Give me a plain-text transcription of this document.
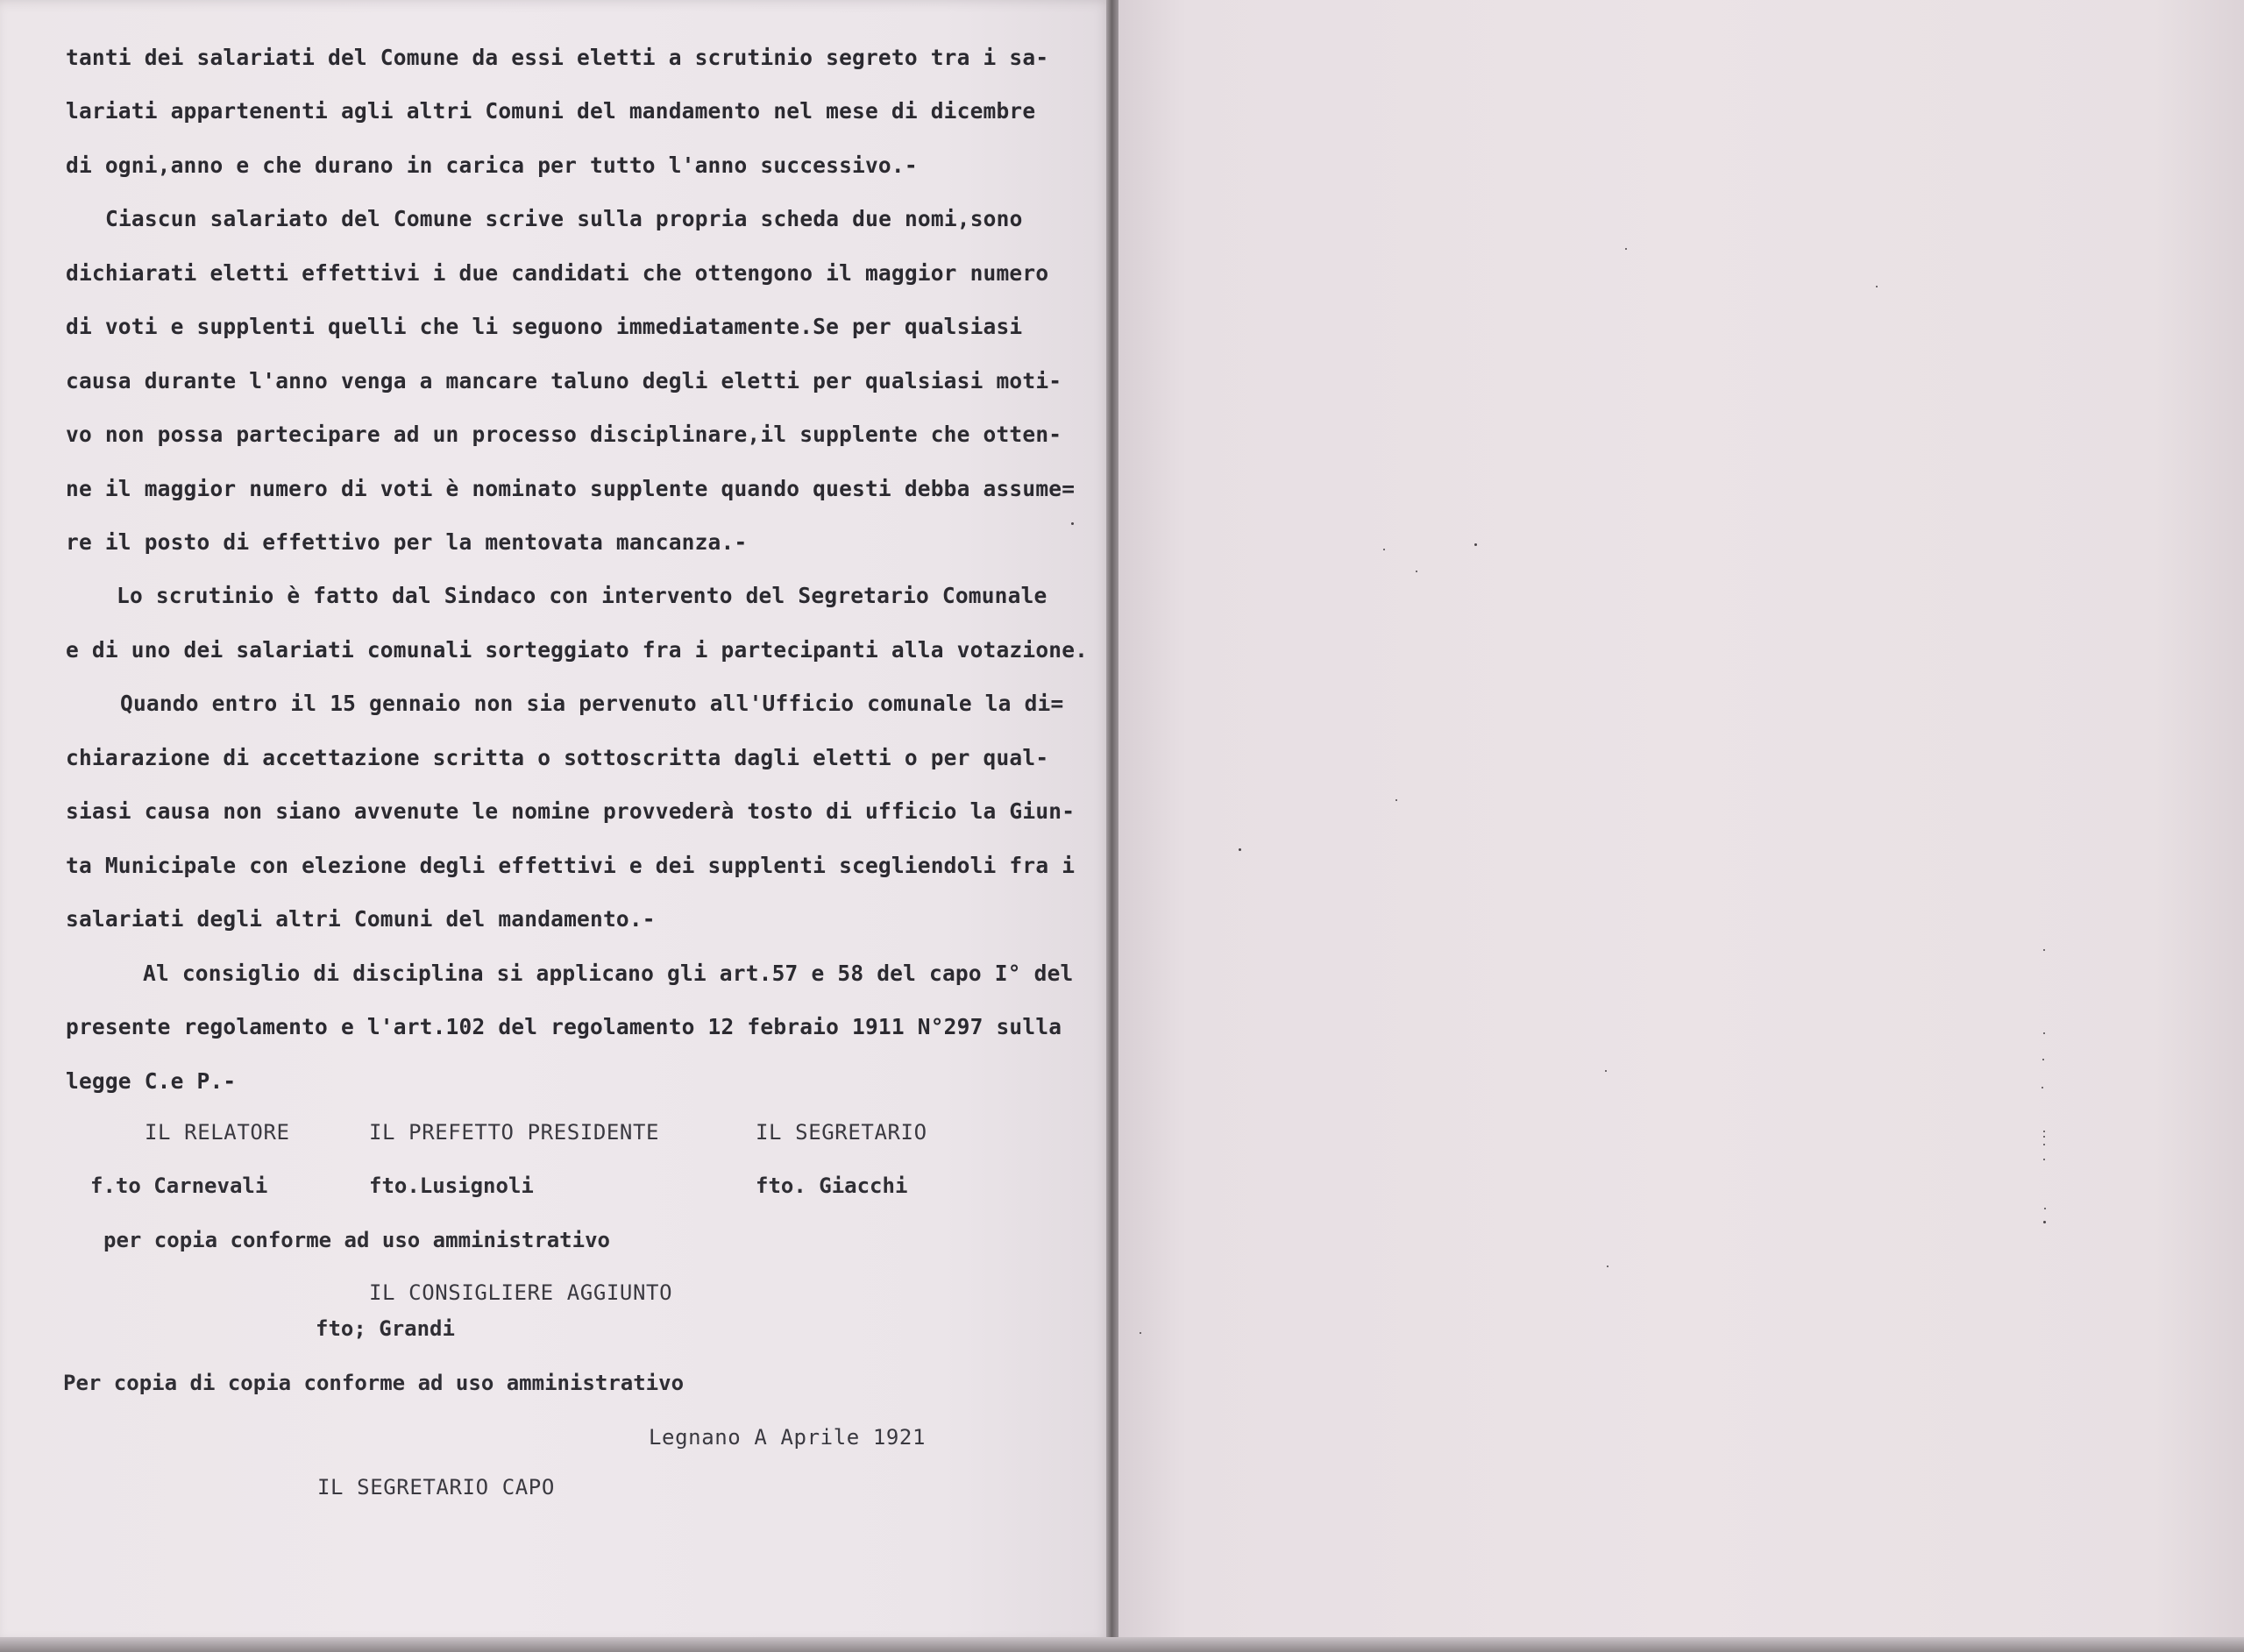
tanti dei salariati del Comune da essi eletti a scrutinio segreto tra i sa-
lariati appartenenti agli altri Comuni del mandamento nel mese di dicembre
di ogni,anno e che durano in carica per tutto l'anno successivo.-
Ciascun salariato del Comune scrive sulla propria scheda due nomi,sono
dichiarati eletti effettivi i due candidati che ottengono il maggior numero
di voti e supplenti quelli che li seguono immediatamente.Se per qualsiasi
causa durante l'anno venga a mancare taluno degli eletti per qualsiasi moti-
vo non possa partecipare ad un processo disciplinare,il supplente che otten-
ne il maggior numero di voti è nominato supplente quando questi debba assume=
re il posto di effettivo per la mentovata mancanza.-
Lo scrutinio è fatto dal Sindaco con intervento del Segretario Comunale
e di uno dei salariati comunali sorteggiato fra i partecipanti alla votazione.
Quando entro il 15 gennaio non sia pervenuto all'Ufficio comunale la di=
chiarazione di accettazione scritta o sottoscritta dagli eletti o per qual-
siasi causa non siano avvenute le nomine provvederà tosto di ufficio la Giun-
ta Municipale con elezione degli effettivi e dei supplenti scegliendoli fra i
salariati degli altri Comuni del mandamento.-
Al consiglio di disciplina si applicano gli art.57 e 58 del capo I° del
presente regolamento e l'art.102 del regolamento 12 febraio 1911 N°297 sulla
legge C.e P.-
IL RELATORE	IL PREFETTO PRESIDENTE	IL SEGRETARIO
f.to Carnevali	fto.Lusignoli	fto. Giacchi
per copia conforme ad uso amministrativo
IL CONSIGLIERE AGGIUNTO
fto; Grandi
Per copia di copia conforme ad uso amministrativo
Legnano A Aprile 1921
IL SEGRETARIO CAPO
